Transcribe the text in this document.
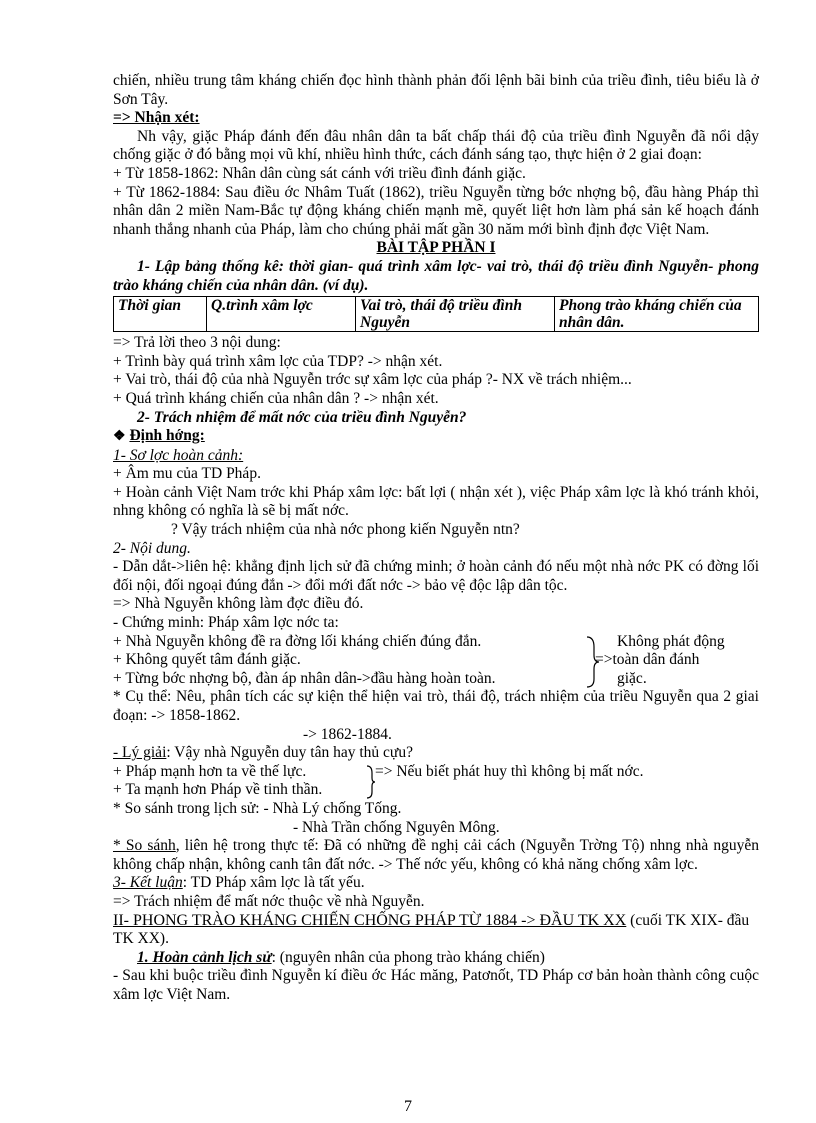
chiến, nhiều trung tâm kháng chiến đọc hình thành phản đối lệnh bãi binh của triều đình, tiêu biểu là ở Sơn Tây.

=> Nhận xét:

Nh vậy, giặc Pháp đánh đến đâu nhân dân ta bất chấp thái độ của triều đình Nguyễn đã nổi dậy chống giặc ở đó bằng mọi vũ khí, nhiều hình thức, cách đánh sáng tạo, thực hiện ở 2 giai đoạn:

+ Từ 1858-1862: Nhân dân cùng sát cánh với triều đình đánh giặc.

+ Từ 1862-1884: Sau điều ớc Nhâm Tuất (1862), triều Nguyễn từng bớc nhợng bộ, đầu hàng Pháp thì nhân dân 2 miền Nam-Bắc tự động kháng chiến mạnh mẽ, quyết liệt hơn làm phá sản kế hoạch đánh nhanh thắng nhanh của Pháp, làm cho chúng phải mất gần 30 năm mới bình định đợc Việt Nam.

BÀI TẬP PHẦN I

1- Lập bảng thống kê: thời gian- quá trình xâm lợc- vai trò, thái độ triều đình Nguyễn- phong trào kháng chiến của nhân dân. (ví dụ).

Thời gian	Q.trình xâm lợc	Vai trò, thái độ triều đình Nguyễn	Phong trào kháng chiến của nhân dân.

=> Trả lời theo 3 nội dung:

+ Trình bày quá trình xâm lợc của TDP? -> nhận xét.

+ Vai trò, thái độ của nhà Nguyễn trớc sự xâm lợc của pháp ?- NX về trách nhiệm...

+ Quá trình kháng chiến của nhân dân ? -> nhận xét.

2- Trách nhiệm để mất nớc của triều đình Nguyễn?

❖ Định hớng:

1- Sơ lợc hoàn cảnh:

+ Âm mu của TD Pháp.

+ Hoàn cảnh Việt Nam trớc khi Pháp xâm lợc: bất lợi ( nhận xét ), việc Pháp xâm lợc là khó tránh khỏi, nhng không có nghĩa là sẽ bị mất nớc.

? Vậy trách nhiệm của nhà nớc phong kiến Nguyễn ntn?

2- Nội dung.

- Dẫn dắt->liên hệ: khẳng định lịch sử đã chứng minh; ở hoàn cảnh đó nếu một nhà nớc PK có đờng lối đối nội, đối ngoại đúng đắn -> đổi mới đất nớc -> bảo vệ độc lập dân tộc.

=> Nhà Nguyễn không làm đợc điều đó.

- Chứng minh: Pháp xâm lợc nớc ta:

+ Nhà Nguyễn không đề ra đờng lối kháng chiến đúng đắn.	Không phát động

+ Không quyết tâm đánh giặc.	=>toàn dân đánh

+ Từng bớc nhợng bộ, đàn áp nhân dân->đầu hàng hoàn toàn.	giặc.

* Cụ thể: Nêu, phân tích các sự kiện thể hiện vai trò, thái độ, trách nhiệm của triều Nguyễn qua 2 giai đoạn: -> 1858-1862.

-> 1862-1884.

- Lý giải: Vậy nhà Nguyễn duy tân hay thủ cựu?

+ Pháp mạnh hơn ta về thế lực.	=> Nếu biết phát huy thì không bị mất nớc.

+ Ta mạnh hơn Pháp về tinh thần.

* So sánh trong lịch sử: - Nhà Lý chống Tống.

- Nhà Trần chống Nguyên Mông.

* So sánh, liên hệ trong thực tế: Đã có những đề nghị cải cách (Nguyễn Trờng Tộ) nhng nhà nguyễn không chấp nhận, không canh tân đất nớc. -> Thế nớc yếu, không có khả năng chống xâm lợc.

3- Kết luận: TD Pháp xâm lợc là tất yếu.

=> Trách nhiệm để mất nớc thuộc về nhà Nguyễn.

II- PHONG TRÀO KHÁNG CHIẾN CHỐNG PHÁP TỪ 1884 -> ĐẦU TK XX (cuối TK XIX- đầu TK XX).

1. Hoàn cảnh lịch sử: (nguyên nhân của phong trào kháng chiến)

- Sau khi buộc triều đình Nguyễn kí điều ớc Hác măng, Patơnốt, TD Pháp cơ bản hoàn thành công cuộc xâm lợc Việt Nam.

7
